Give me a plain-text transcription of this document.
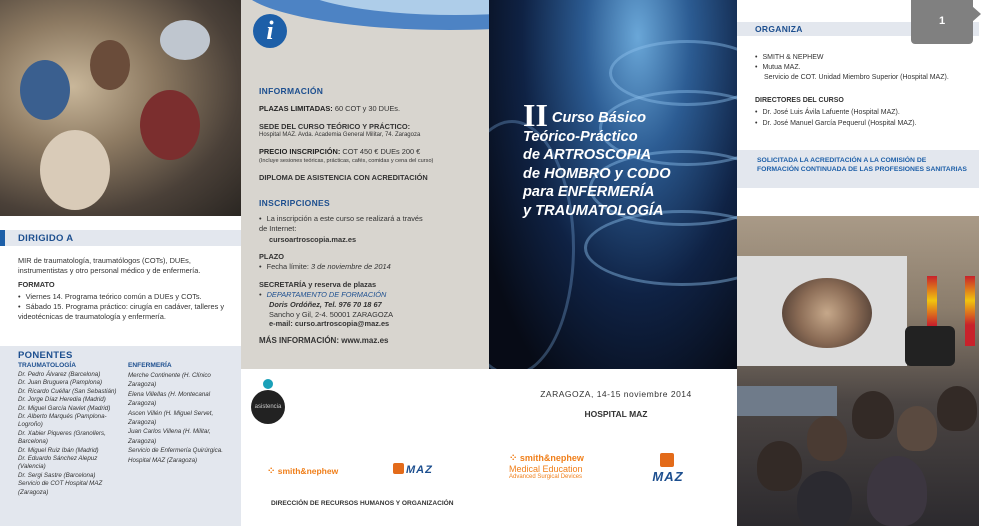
DIRIGIDO A
MIR de traumatología, traumatólogos (COTs), DUEs, instrumentistas y otro personal médico y de enfermería.
FORMATO
• Viernes 14. Programa teórico común a DUEs y COTs.
• Sábado 15. Programa práctico: cirugía en cadáver, talleres y videotécnicas de traumatología y enfermería.
PONENTES
TRAUMATOLOGÍA
Dr. Pedro Álvarez (Barcelona)
Dr. Juan Bruguera (Pamplona)
Dr. Ricardo Cuéllar (San Sebastián)
Dr. Jorge Díaz Heredia (Madrid)
Dr. Miguel García Navlet (Madrid)
Dr. Alberto Marqués (Pamplona-Logroño)
Dr. Xabier Piqueres (Granollers, Barcelona)
Dr. Miguel Ruiz Ibán (Madrid)
Dr. Eduardo Sánchez Alepuz (Valencia)
Dr. Sergi Sastre (Barcelona)
Servicio de COT Hospital MAZ (Zaragoza)
ENFERMERÍA
Merche Continente (H. Clínico Zaragoza)
Elena Villellas (H. Montecanal Zaragoza)
Ascen Villén (H. Miguel Servet, Zaragoza)
Juan Carlos Villena (H. Militar, Zaragoza)
Servicio de Enfermería Quirúrgica. Hospital MAZ (Zaragoza)
i
INFORMACIÓN
PLAZAS LIMITADAS: 60 COT y 30 DUEs.
SEDE DEL CURSO TEÓRICO Y PRÁCTICO:
Hospital MAZ. Avda. Academia General Militar, 74. Zaragoza
PRECIO INSCRIPCIÓN: COT 450 € DUEs 200 €
(Incluye sesiones teóricas, prácticas, cafés, comidas y cena del curso)
DIPLOMA DE ASISTENCIA CON ACREDITACIÓN
INSCRIPCIONES
• La inscripción a este curso se realizará a través de Internet:
cursoartroscopia.maz.es
PLAZO
• Fecha límite: 3 de noviembre de 2014
SECRETARÍA y reserva de plazas
• DEPARTAMENTO DE FORMACIÓN
Doris Ordóñez, Tel. 976 70 18 67
Sancho y Gil, 2-4. 50001 ZARAGOZA
e-mail: curso.artroscopia@maz.es
MÁS INFORMACIÓN: www.maz.es
II Curso Básico
Teórico-Práctico
de ARTROSCOPIA
de HOMBRO y CODO
para ENFERMERÍA
y TRAUMATOLOGÍA
asistencia
ZARAGOZA, 14-15 noviembre 2014
HOSPITAL MAZ
⁘ smith&nephew	MAZ
⁘ smith&nephew
Medical Education
Advanced Surgical Devices	MAZ
DIRECCIÓN DE RECURSOS HUMANOS Y ORGANIZACIÓN
ORGANIZA
• SMITH & NEPHEW
• Mutua MAZ.
Servicio de COT. Unidad Miembro Superior (Hospital MAZ).
DIRECTORES DEL CURSO
• Dr. José Luis Ávila Lafuente (Hospital MAZ).
• Dr. José Manuel García Pequerul (Hospital MAZ).
SOLICITADA LA ACREDITACIÓN A LA COMISIÓN DE FORMACIÓN CONTINUADA DE LAS PROFESIONES SANITARIAS
1
